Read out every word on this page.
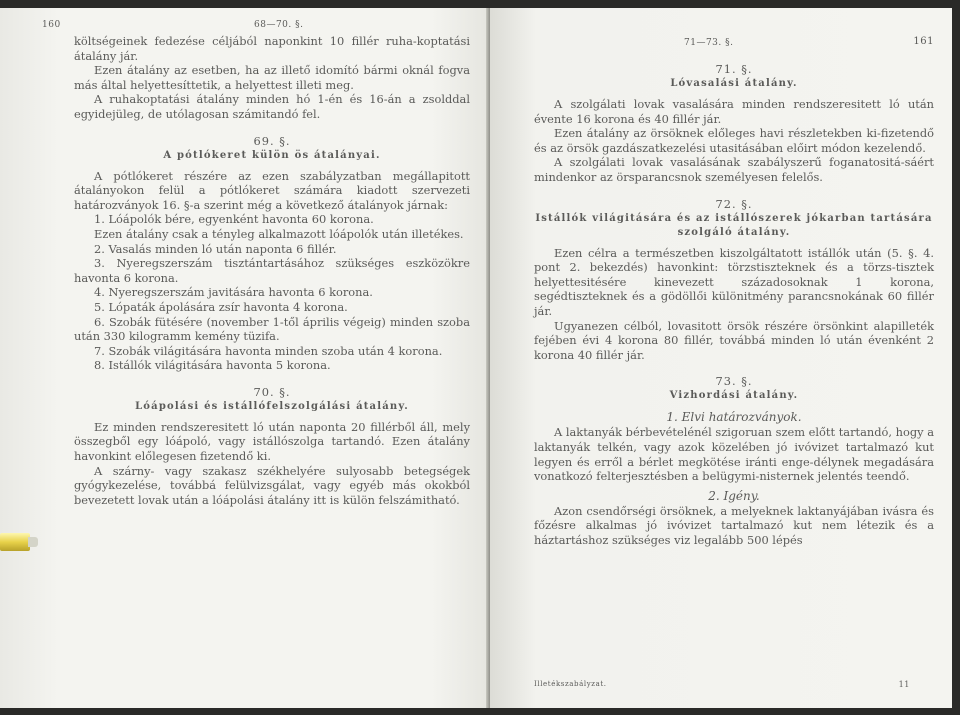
160	68—70. §.

költségeinek fedezése céljából naponkint 10 fillér ruha-koptatási átalány jár.

Ezen átalány az esetben, ha az illető idomító bármi oknál fogva más által helyettesíttetik, a helyettest illeti meg.

A ruhakoptatási átalány minden hó 1-én és 16-án a zsolddal egyidejüleg, de utólagosan számitandó fel.

69. §.
A pótlókeret külön ös átalányai.

A pótlókeret részére az ezen szabályzatban megállapitott átalányokon felül a pótlókeret számára kiadott szervezeti határozványok 16. §-a szerint még a következő átalányok járnak:

1. Lóápolók bére, egyenként havonta 60 korona.

Ezen átalány csak a tényleg alkalmazott lóápolók után illetékes.

2. Vasalás minden ló után naponta 6 fillér.

3. Nyeregszerszám tisztántartásához szükséges eszközökre havonta 6 korona.

4. Nyeregszerszám javitására havonta 6 korona.

5. Lópaták ápolására zsír havonta 4 korona.

6. Szobák fütésére (november 1-től április végeig) minden szoba után 330 kilogramm kemény tüzifa.

7. Szobák világitására havonta minden szoba után 4 korona.

8. Istállók világitására havonta 5 korona.

70. §.
Lóápolási és istállófelszolgálási átalány.

Ez minden rendszeresitett ló után naponta 20 fillérből áll, mely összegből egy lóápoló, vagy istállószolga tartandó. Ezen átalány havonkint előlegesen fizetendő ki.

A szárny- vagy szakasz székhelyére sulyosabb betegségek gyógykezelése, továbbá felülvizsgálat, vagy egyéb más okokból bevezetett lovak után a lóápolási átalány itt is külön felszámitható.

71—73. §.	161
71. §.
Lóvasalási átalány.

A szolgálati lovak vasalására minden rendszeresitett ló után évente 16 korona és 40 fillér jár.

Ezen átalány az örsöknek előleges havi részletekben ki-fizetendő és az örsök gazdászatkezelési utasitásában előirt módon kezelendő.

A szolgálati lovak vasalásának szabályszerű foganatositá-sáért mindenkor az örsparancsnok személyesen felelős.

72. §.
Istállók világitására és az istállószerek jókarban tartására szolgáló átalány.

Ezen célra a természetben kiszolgáltatott istállók után (5. §. 4. pont 2. bekezdés) havonkint: törzstiszteknek és a törzs-tisztek helyettesitésére kinevezett századosoknak 1 korona, segédtiszteknek és a gödöllői különitmény parancsnokának 60 fillér jár.

Ugyanezen célból, lovasitott örsök részére örsönkint alapilleték fejében évi 4 korona 80 fillér, továbbá minden ló után évenként 2 korona 40 fillér jár.

73. §.
Vizhordási átalány.
1. Elvi határozványok.

A laktanyák bérbevételénél szigoruan szem előtt tartandó, hogy a laktanyák telkén, vagy azok közelében jó ivóvizet tartalmazó kut legyen és erről a bérlet megkötése iránti enge-délynek megadására vonatkozó felterjesztésben a belügymi-nisternek jelentés teendő.

2. Igény.

Azon csendőrségi örsöknek, a melyeknek laktanyájában ivásra és főzésre alkalmas jó ivóvizet tartalmazó kut nem létezik és a háztartáshoz szükséges viz legalább 500 lépés

Illetékszabályzat.	11
